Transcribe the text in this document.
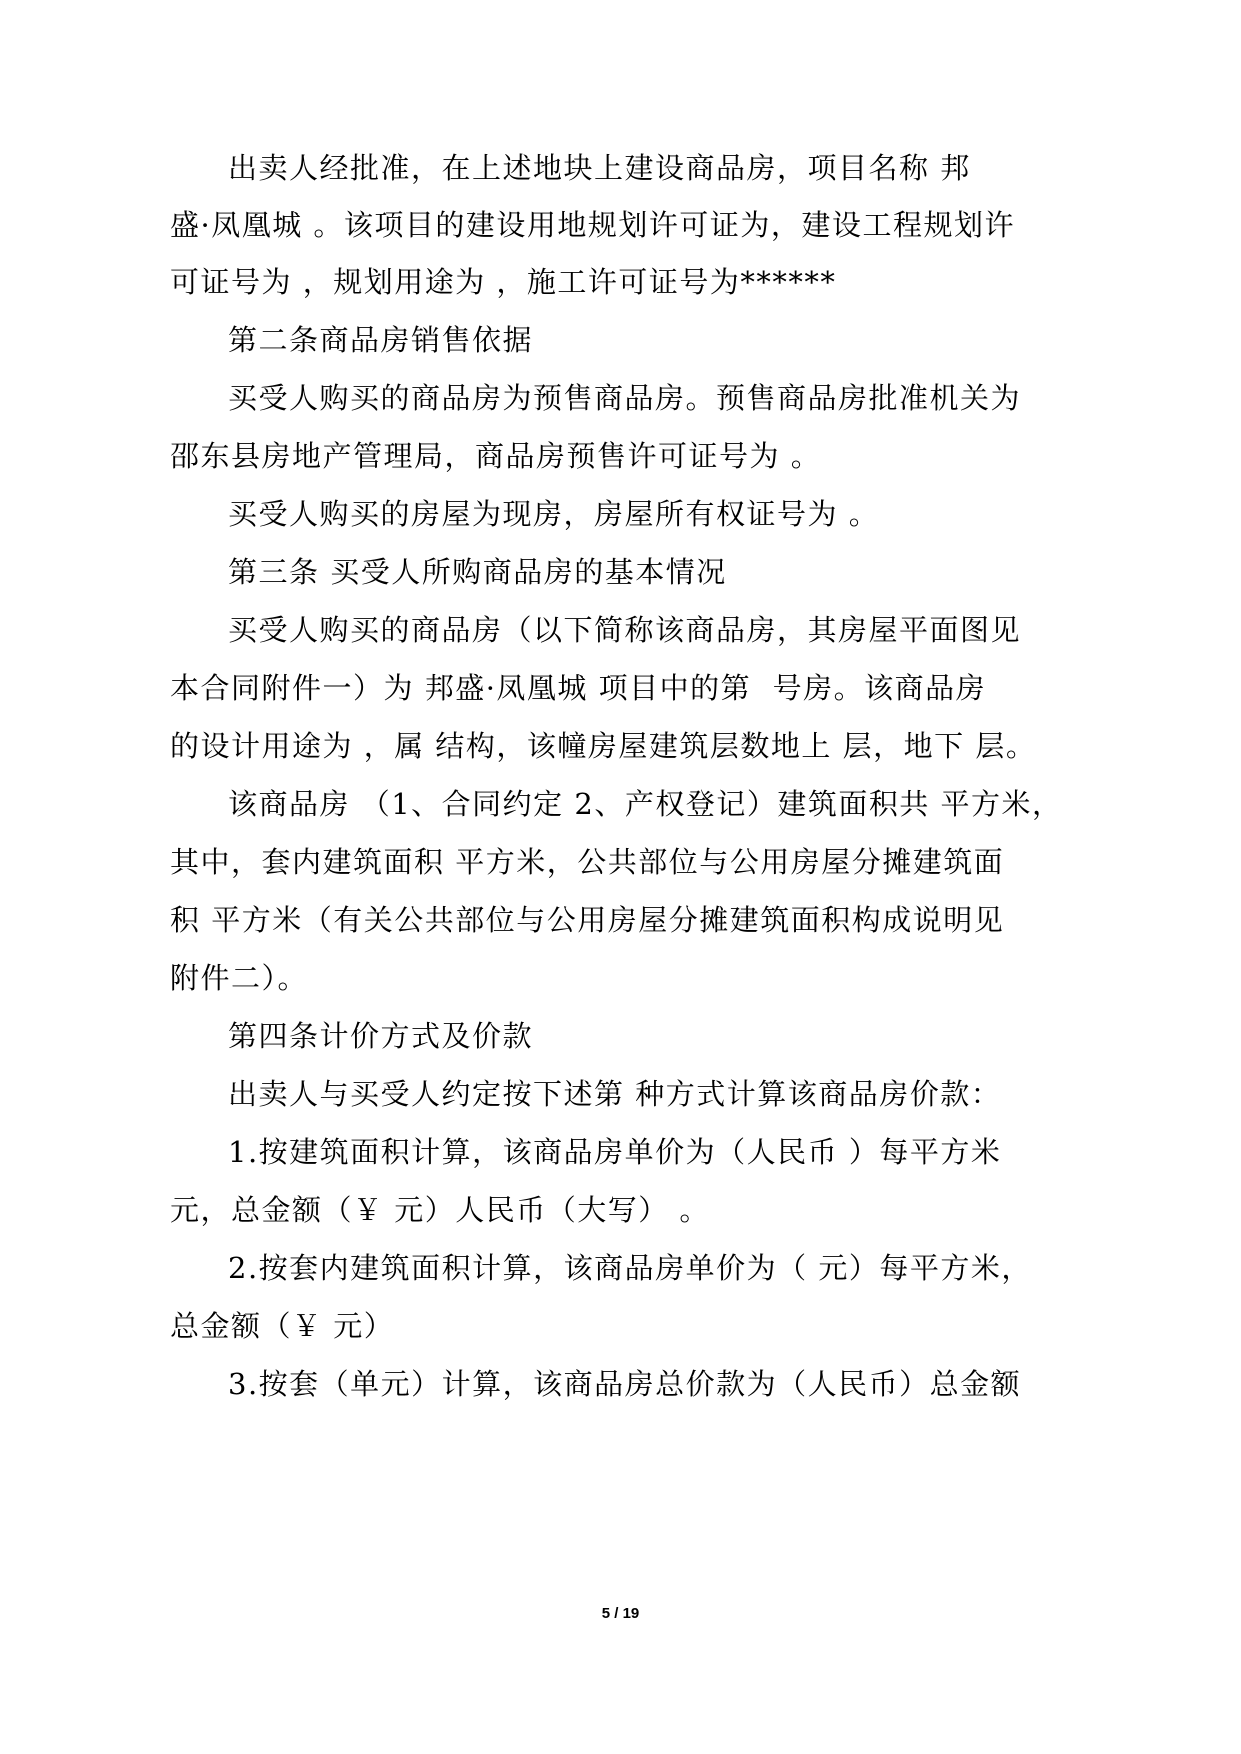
出卖人经批准，在上述地块上建设商品房，项目名称 邦
盛·凤凰城 。该项目的建设用地规划许可证为，建设工程规划许
可证号为 ，规划用途为 ，施工许可证号为******
第二条商品房销售依据
买受人购买的商品房为预售商品房。预售商品房批准机关为
邵东县房地产管理局，商品房预售许可证号为 。
买受人购买的房屋为现房，房屋所有权证号为 。
第三条 买受人所购商品房的基本情况
买受人购买的商品房（以下简称该商品房，其房屋平面图见
本合同附件一）为 邦盛·凤凰城 项目中的第  号房。该商品房
的设计用途为 ，属 结构，该幢房屋建筑层数地上 层，地下 层。
该商品房 （1、合同约定 2、产权登记）建筑面积共 平方米，
其中，套内建筑面积 平方米，公共部位与公用房屋分摊建筑面
积 平方米（有关公共部位与公用房屋分摊建筑面积构成说明见
附件二）。
第四条计价方式及价款
出卖人与买受人约定按下述第 种方式计算该商品房价款：
1.按建筑面积计算，该商品房单价为（人民币 ）每平方米
元，总金额（￥ 元）人民币（大写） 。
2.按套内建筑面积计算，该商品房单价为（ 元）每平方米，
总金额（￥ 元）
3.按套（单元）计算，该商品房总价款为（人民币）总金额
5 / 19
